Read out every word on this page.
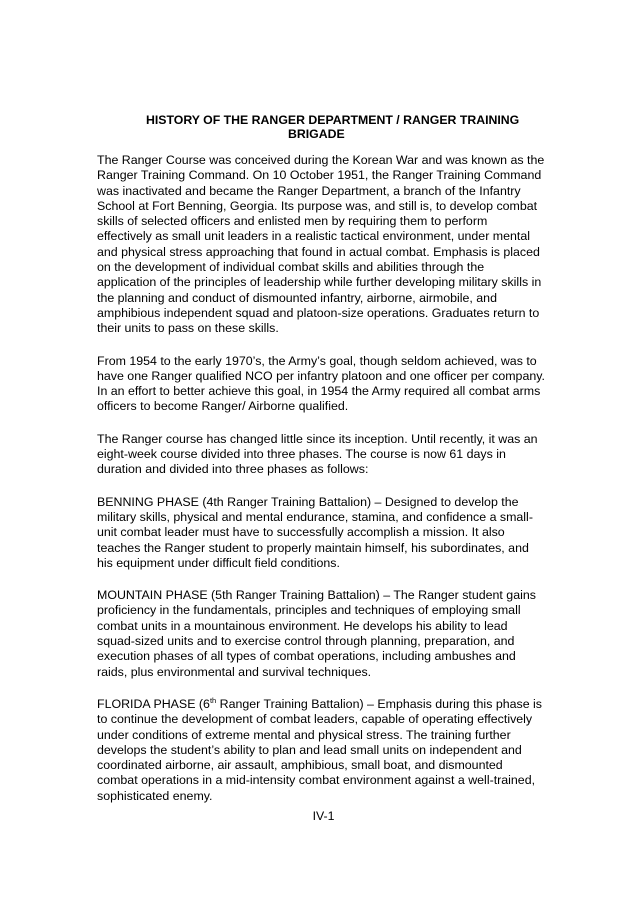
HISTORY OF THE RANGER DEPARTMENT / RANGER TRAINING
BRIGADE

The Ranger Course was conceived during the Korean War and was known as the Ranger Training Command. On 10 October 1951, the Ranger Training Command was inactivated and became the Ranger Department, a branch of the Infantry School at Fort Benning, Georgia. Its purpose was, and still is, to develop combat skills of selected officers and enlisted men by requiring them to perform effectively as small unit leaders in a realistic tactical environment, under mental and physical stress approaching that found in actual combat. Emphasis is placed on the development of individual combat skills and abilities through the application of the principles of leadership while further developing military skills in the planning and conduct of dismounted infantry, airborne, airmobile, and amphibious independent squad and platoon-size operations. Graduates return to their units to pass on these skills.

From 1954 to the early 1970’s, the Army’s goal, though seldom achieved, was to have one Ranger qualified NCO per infantry platoon and one officer per company. In an effort to better achieve this goal, in 1954 the Army required all combat arms officers to become Ranger/ Airborne qualified.

The Ranger course has changed little since its inception. Until recently, it was an eight-week course divided into three phases. The course is now 61 days in duration and divided into three phases as follows:

BENNING PHASE (4th Ranger Training Battalion) – Designed to develop the military skills, physical and mental endurance, stamina, and confidence a small-unit combat leader must have to successfully accomplish a mission. It also teaches the Ranger student to properly maintain himself, his subordinates, and his equipment under difficult field conditions.

MOUNTAIN PHASE (5th Ranger Training Battalion) – The Ranger student gains proficiency in the fundamentals, principles and techniques of employing small combat units in a mountainous environment. He develops his ability to lead squad-sized units and to exercise control through planning, preparation, and execution phases of all types of combat operations, including ambushes and raids, plus environmental and survival techniques.

FLORIDA PHASE (6th Ranger Training Battalion) – Emphasis during this phase is to continue the development of combat leaders, capable of operating effectively under conditions of extreme mental and physical stress. The training further develops the student’s ability to plan and lead small units on independent and coordinated airborne, air assault, amphibious, small boat, and dismounted combat operations in a mid-intensity combat environment against a well-trained, sophisticated enemy.

IV-1
